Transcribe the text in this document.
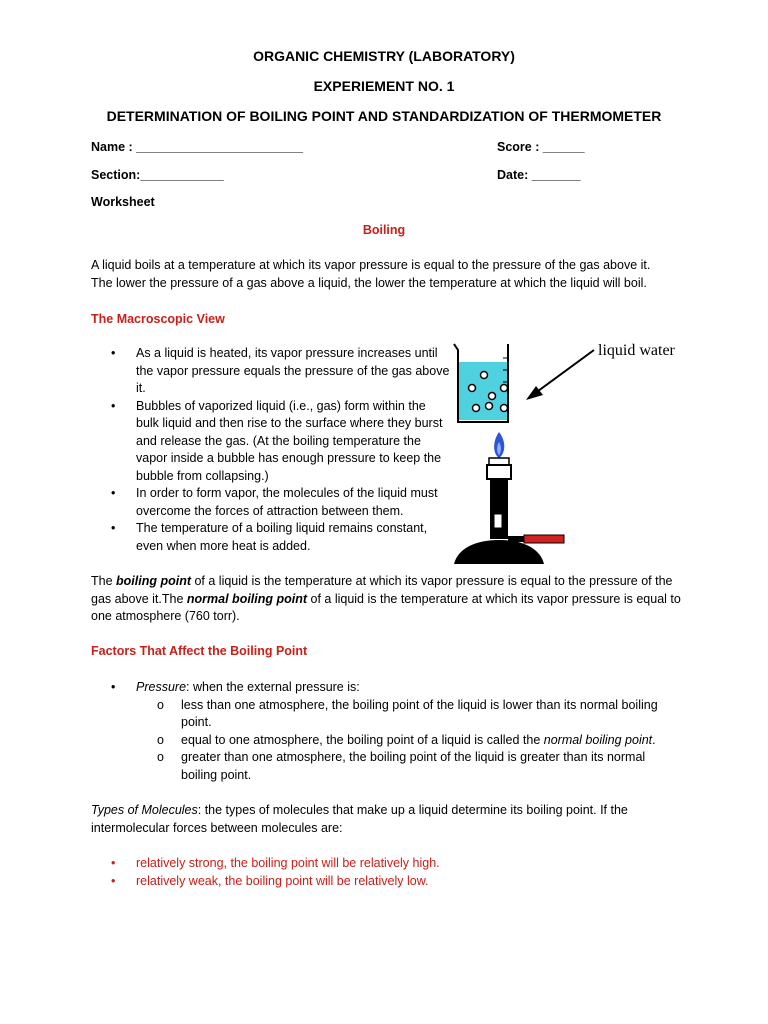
ORGANIC CHEMISTRY (LABORATORY)
EXPERIEMENT NO. 1
DETERMINATION OF BOILING POINT AND STANDARDIZATION OF THERMOMETER
Name : ________________________	Score : ______
Section:____________	Date: _______
Worksheet
Boiling
A liquid boils at a temperature at which its vapor pressure is equal to the pressure of the gas above it.
The lower the pressure of a gas above a liquid, the lower the temperature at which the liquid will boil.
The Macroscopic View
•	As a liquid is heated, its vapor pressure increases until the vapor pressure equals the pressure of the gas above it.
•	Bubbles of vaporized liquid (i.e., gas) form within the bulk liquid and then rise to the surface where they burst and release the gas. (At the boiling temperature the vapor inside a bubble has enough pressure to keep the bubble from collapsing.)
•	In order to form vapor, the molecules of the liquid must overcome the forces of attraction between them.
•	The temperature of a boiling liquid remains constant, even when more heat is added.
liquid water
The boiling point of a liquid is the temperature at which its vapor pressure is equal to the pressure of the gas above it.The normal boiling point of a liquid is the temperature at which its vapor pressure is equal to one atmosphere (760 torr).
Factors That Affect the Boiling Point
•	Pressure: when the external pressure is:
o less than one atmosphere, the boiling point of the liquid is lower than its normal boiling point.
o equal to one atmosphere, the boiling point of a liquid is called the normal boiling point.
o greater than one atmosphere, the boiling point of the liquid is greater than its normal boiling point.
Types of Molecules: the types of molecules that make up a liquid determine its boiling point. If the intermolecular forces between molecules are:
•	relatively strong, the boiling point will be relatively high.
•	relatively weak, the boiling point will be relatively low.
